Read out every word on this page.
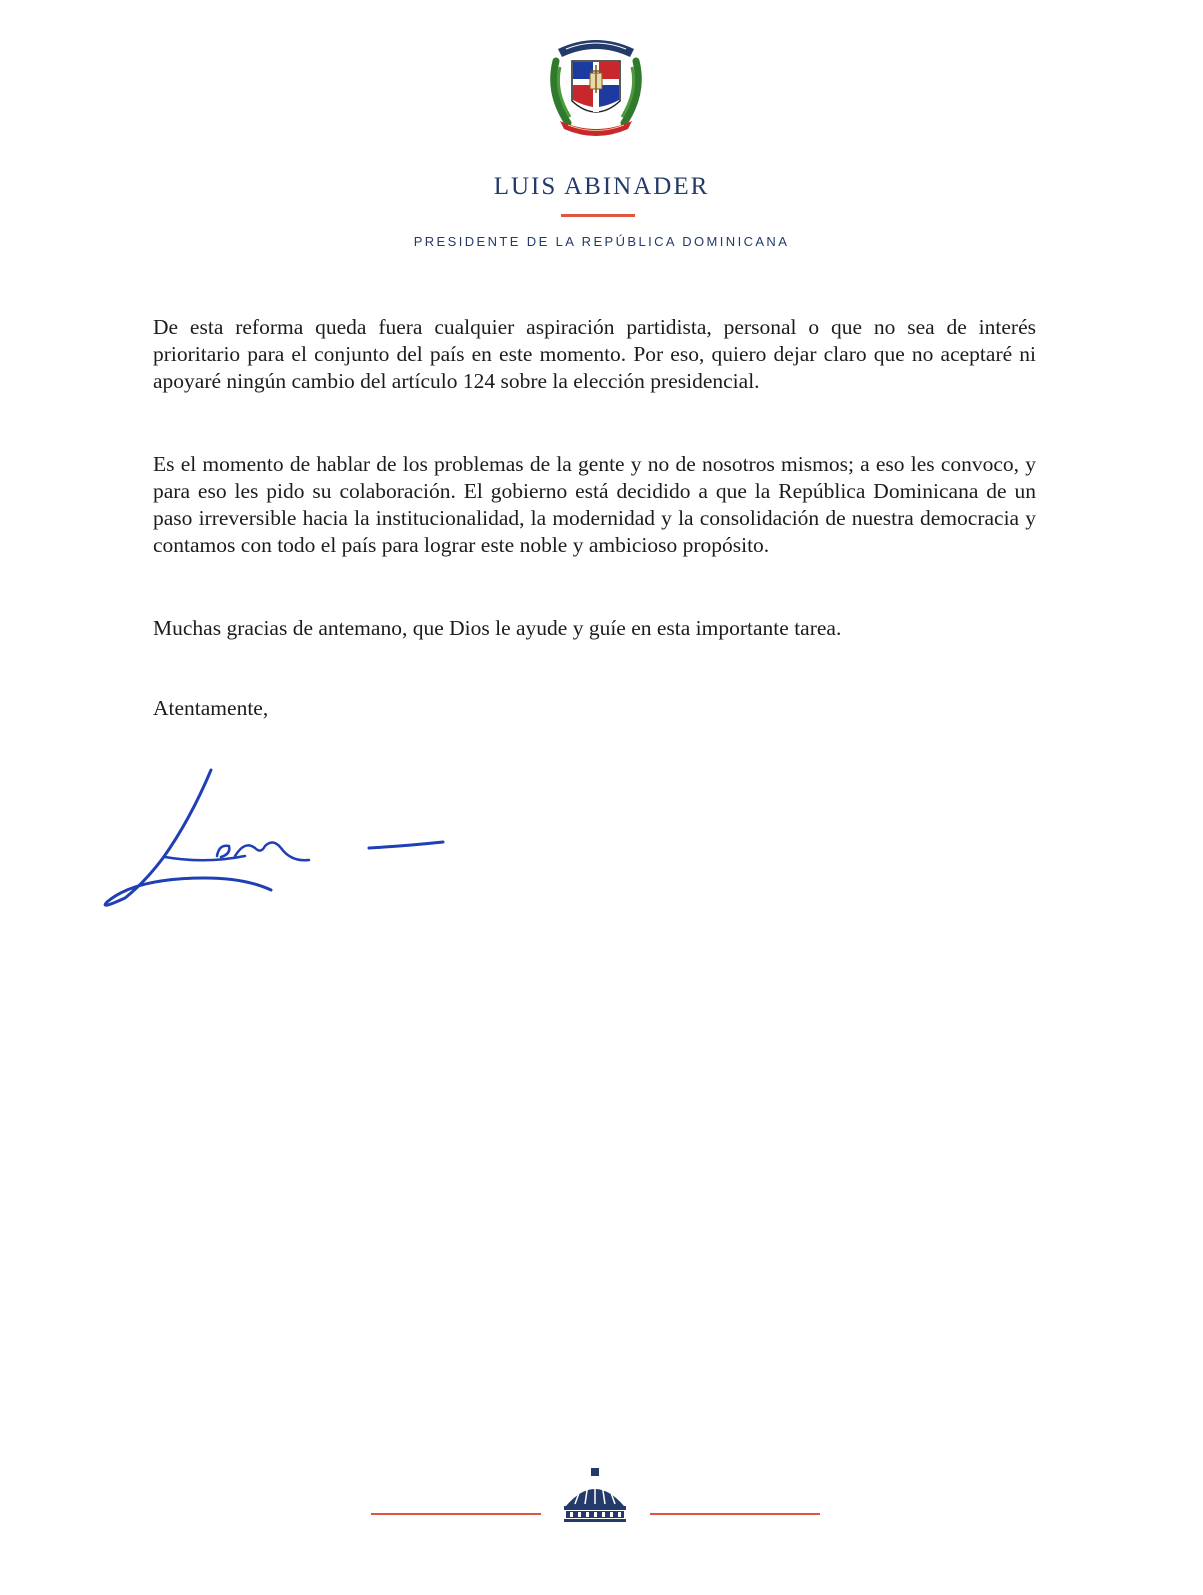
LUIS ABINADER
PRESIDENTE DE LA REPÚBLICA DOMINICANA

De esta reforma queda fuera cualquier aspiración partidista, personal o que no sea de interés prioritario para el conjunto del país en este momento. Por eso, quiero dejar claro que no aceptaré ni apoyaré ningún cambio del artículo 124 sobre la elección presidencial.

Es el momento de hablar de los problemas de la gente y no de nosotros mismos; a eso les convoco, y para eso les pido su colaboración. El gobierno está decidido a que la República Dominicana de un paso irreversible hacia la institucionalidad, la modernidad y la consolidación de nuestra democracia y contamos con todo el país para lograr este noble y ambicioso propósito.

Muchas gracias de antemano, que Dios le ayude y guíe en esta importante tarea.

Atentamente,
